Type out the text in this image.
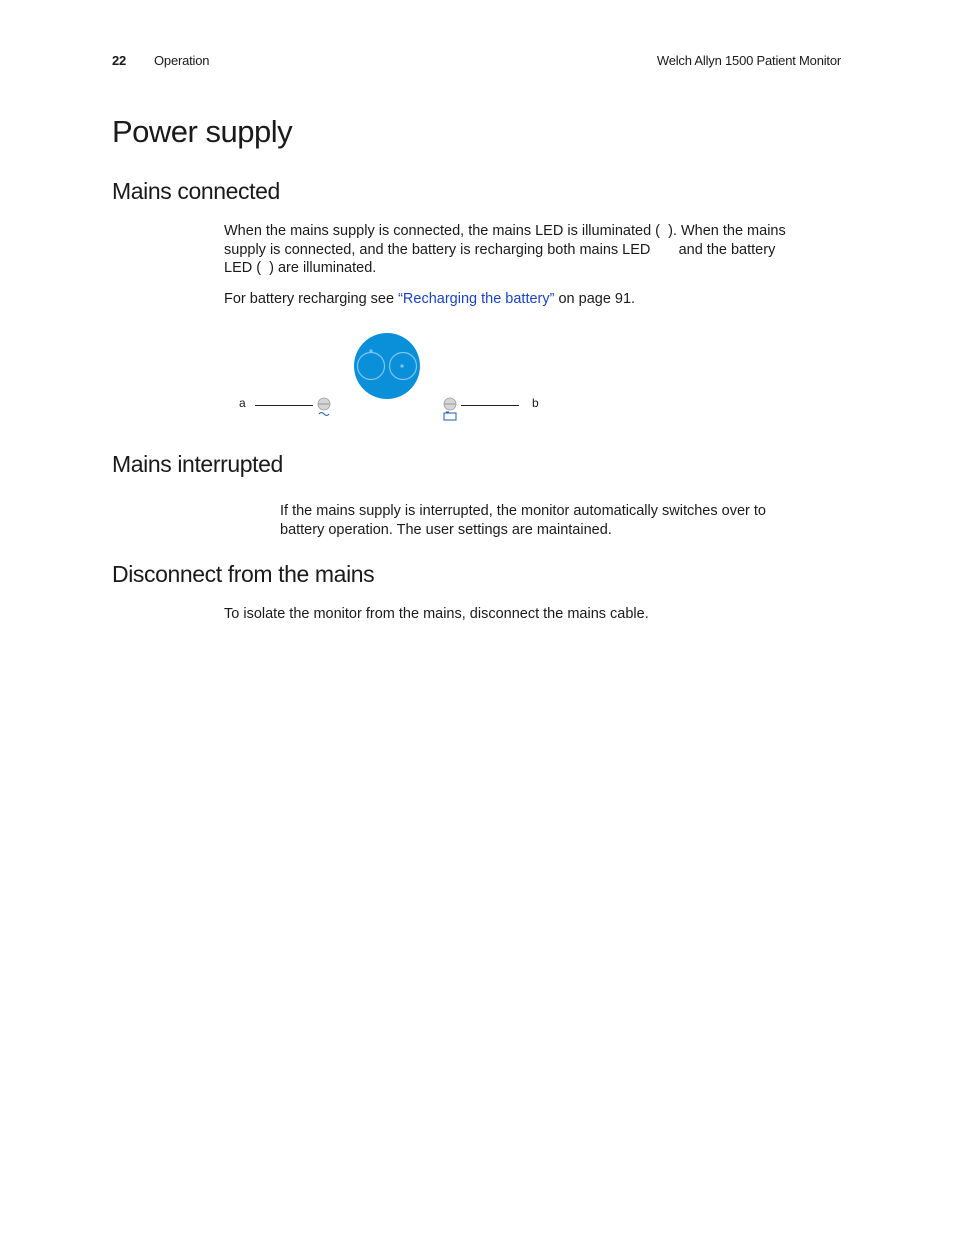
22 Operation	Welch Allyn 1500 Patient Monitor
Power supply
Mains connected

When the mains supply is connected, the mains LED is illuminated (  ). When the mains

supply is connected, and the battery is recharging both mains LED       and the battery

LED (  ) are illuminated.

For battery recharging see “Recharging the battery” on page 91.

a	b
Mains interrupted

If the mains supply is interrupted, the monitor automatically switches over to

battery operation. The user settings are maintained.

Disconnect from the mains

To isolate the monitor from the mains, disconnect the mains cable.
